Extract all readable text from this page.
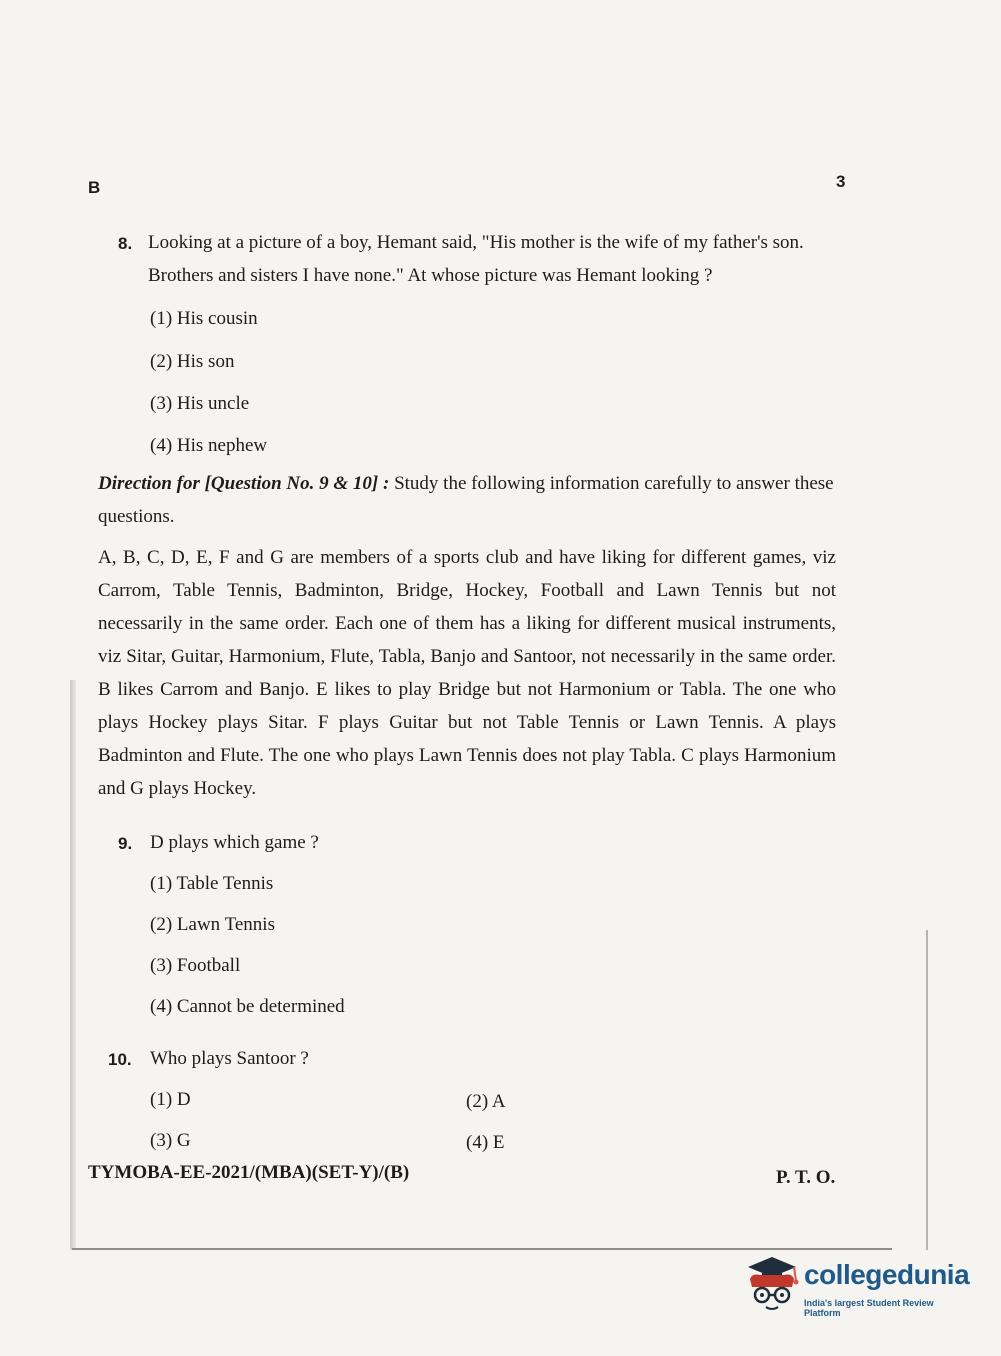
B	3
8. Looking at a picture of a boy, Hemant said, "His mother is the wife of my father's son. Brothers and sisters I have none." At whose picture was Hemant looking ?
(1) His cousin
(2) His son
(3) His uncle
(4) His nephew
Direction for [Question No. 9 & 10] : Study the following information carefully to answer these questions.
A, B, C, D, E, F and G are members of a sports club and have liking for different games, viz Carrom, Table Tennis, Badminton, Bridge, Hockey, Football and Lawn Tennis but not necessarily in the same order. Each one of them has a liking for different musical instruments, viz Sitar, Guitar, Harmonium, Flute, Tabla, Banjo and Santoor, not necessarily in the same order. B likes Carrom and Banjo. E likes to play Bridge but not Harmonium or Tabla. The one who plays Hockey plays Sitar. F plays Guitar but not Table Tennis or Lawn Tennis. A plays Badminton and Flute. The one who plays Lawn Tennis does not play Tabla. C plays Harmonium and G plays Hockey.
9. D plays which game ?
(1) Table Tennis
(2) Lawn Tennis
(3) Football
(4) Cannot be determined
10. Who plays Santoor ?
(1) D	(2) A
(3) G	(4) E
TYMOBA-EE-2021/(MBA)(SET-Y)/(B)	P. T. O.
collegedunia
India's largest Student Review Platform
